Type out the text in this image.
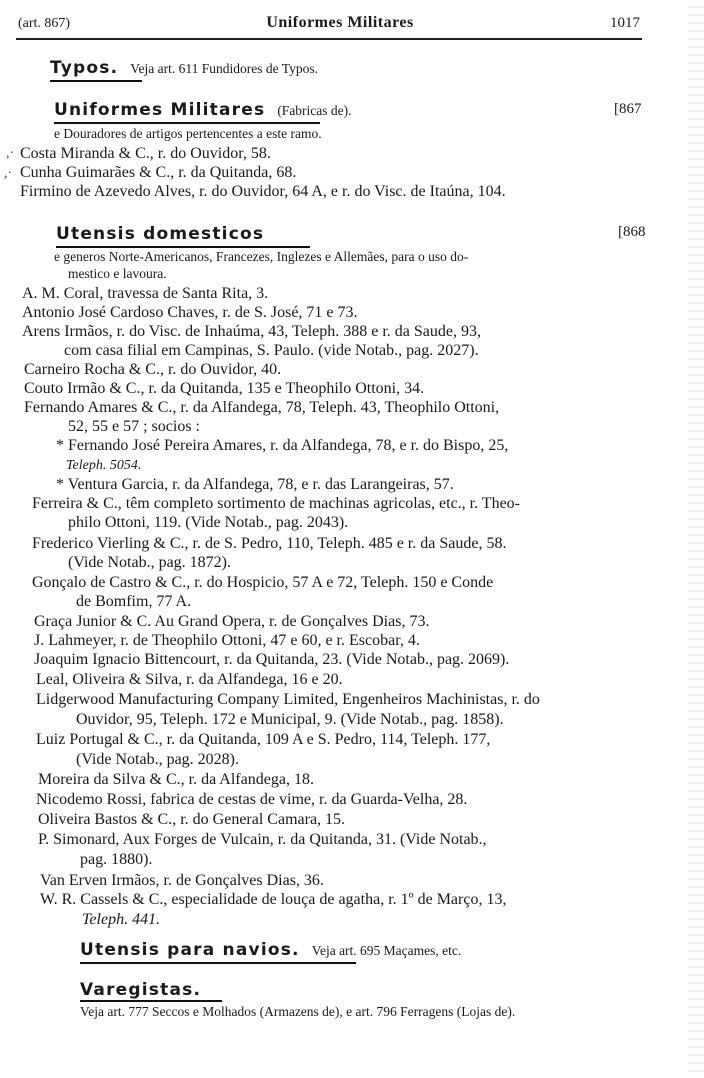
(art. 867)	Uniformes Militares	1017
Typos. Veja art. 611 Fundidores de Typos.
Uniformes Militares (Fabricas de).	[867
e Douradores de artigos pertencentes a este ramo.
,· Costa Miranda & C., r. do Ouvidor, 58.
,· Cunha Guimarães & C., r. da Quitanda, 68.
Firmino de Azevedo Alves, r. do Ouvidor, 64 A, e r. do Visc. de Itaúna, 104.
Utensis domesticos	[868
e generos Norte-Americanos, Francezes, Inglezes e Allemães, para o uso do-
mestico e lavoura.
A. M. Coral, travessa de Santa Rita, 3.
Antonio José Cardoso Chaves, r. de S. José, 71 e 73.
Arens Irmãos, r. do Visc. de Inhaúma, 43, Teleph. 388 e r. da Saude, 93,
com casa filial em Campinas, S. Paulo. (vide Notab., pag. 2027).
Carneiro Rocha & C., r. do Ouvidor, 40.
Couto Irmão & C., r. da Quitanda, 135 e Theophilo Ottoni, 34.
Fernando Amares & C., r. da Alfandega, 78, Teleph. 43, Theophilo Ottoni,
52, 55 e 57 ; socios :
* Fernando José Pereira Amares, r. da Alfandega, 78, e r. do Bispo, 25,
Teleph. 5054.
* Ventura Garcia, r. da Alfandega, 78, e r. das Larangeiras, 57.
Ferreira & C., têm completo sortimento de machinas agricolas, etc., r. Theo-
philo Ottoni, 119. (Vide Notab., pag. 2043).
Frederico Vierling & C., r. de S. Pedro, 110, Teleph. 485 e r. da Saude, 58.
(Vide Notab., pag. 1872).
Gonçalo de Castro & C., r. do Hospicio, 57 A e 72, Teleph. 150 e Conde
de Bomfim, 77 A.
Graça Junior & C. Au Grand Opera, r. de Gonçalves Dias, 73.
J. Lahmeyer, r. de Theophilo Ottoni, 47 e 60, e r. Escobar, 4.
Joaquim Ignacio Bittencourt, r. da Quitanda, 23. (Vide Notab., pag. 2069).
Leal, Oliveira & Silva, r. da Alfandega, 16 e 20.
Lidgerwood Manufacturing Company Limited, Engenheiros Machinistas, r. do
Ouvidor, 95, Teleph. 172 e Municipal, 9. (Vide Notab., pag. 1858).
Luiz Portugal & C., r. da Quitanda, 109 A e S. Pedro, 114, Teleph. 177,
(Vide Notab., pag. 2028).
Moreira da Silva & C., r. da Alfandega, 18.
Nicodemo Rossi, fabrica de cestas de vime, r. da Guarda-Velha, 28.
Oliveira Bastos & C., r. do General Camara, 15.
P. Simonard, Aux Forges de Vulcain, r. da Quitanda, 31. (Vide Notab.,
pag. 1880).
Van Erven Irmãos, r. de Gonçalves Dias, 36.
W. R. Cassels & C., especialidade de louça de agatha, r. 1º de Março, 13,
Teleph. 441.
Utensis para navios. Veja art. 695 Maçames, etc.
Varegistas.
Veja art. 777 Seccos e Molhados (Armazens de), e art. 796 Ferragens (Lojas de).
